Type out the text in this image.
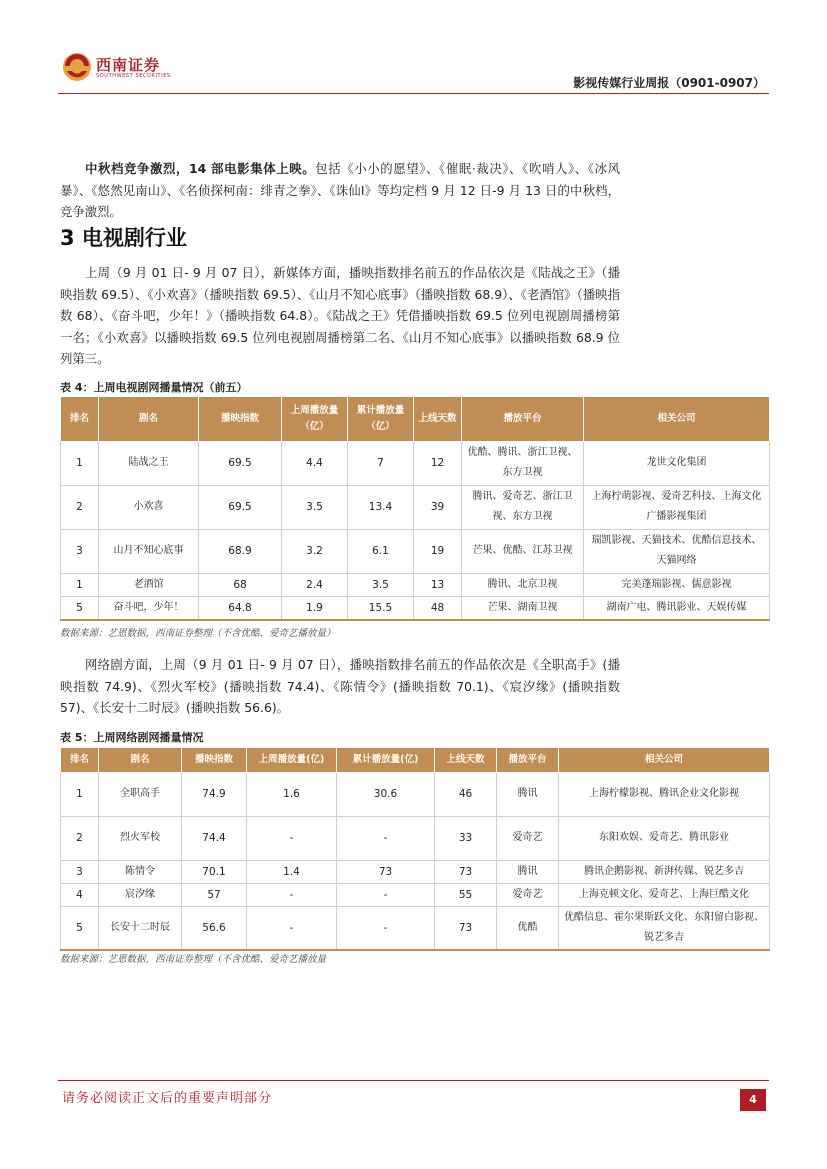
西南证券
SOUTHWEST SECURITIES	影视传媒行业周报（0901-0907）
中秋档竞争激烈，14 部电影集体上映。包括《小小的愿望》、《催眠·裁决》、《吹哨人》、《冰风暴》、《悠然见南山》、《名侦探柯南：绯青之拳》、《诛仙Ⅰ》等均定档 9 月 12 日-9 月 13 日的中秋档，竞争激烈。
3 电视剧行业
上周（9 月 01 日- 9 月 07 日），新媒体方面，播映指数排名前五的作品依次是《陆战之王》（播映指数 69.5）、《小欢喜》（播映指数 69.5）、《山月不知心底事》（播映指数 68.9）、《老酒馆》（播映指数 68）、《奋斗吧，少年！》（播映指数 64.8）。《陆战之王》凭借播映指数 69.5 位列电视剧周播榜第一名；《小欢喜》以播映指数 69.5 位列电视剧周播榜第二名、《山月不知心底事》以播映指数 68.9 位列第三。
表 4：上周电视剧网播量情况（前五）
排名	剧名	播映指数	上周播放量（亿）	累计播放量（亿）	上线天数	播放平台	相关公司
1	陆战之王	69.5	4.4	7	12	优酷、腾讯、浙江卫视、东方卫视	龙世文化集团
2	小欢喜	69.5	3.5	13.4	39	腾讯、爱奇艺、浙江卫视、东方卫视	上海柠萌影视、爱奇艺科技、上海文化广播影视集团
3	山月不知心底事	68.9	3.2	6.1	19	芒果、优酷、江苏卫视	瑞凯影视、天猫技术、优酷信息技术、天猫网络
1	老酒馆	68	2.4	3.5	13	腾讯、北京卫视	完美蓬瑞影视、儒意影视
5	奋斗吧，少年！	64.8	1.9	15.5	48	芒果、湖南卫视	湖南广电、腾讯影业、天娱传媒
数据来源：艺恩数据，西南证券整理（不含优酷、爱奇艺播放量）
网络剧方面，上周（9 月 01 日- 9 月 07 日），播映指数排名前五的作品依次是《全职高手》(播映指数 74.9)、《烈火军校》(播映指数 74.4)、《陈情令》(播映指数 70.1)、《宸汐缘》(播映指数 57)、《长安十二时辰》(播映指数 56.6)。
表 5：上周网络剧网播量情况
排名	剧名	播映指数	上周播放量(亿)	累计播放量(亿)	上线天数	播放平台	相关公司
1	全职高手	74.9	1.6	30.6	46	腾讯	上海柠檬影视、腾讯企业文化影视
2	烈火军校	74.4	-	-	33	爱奇艺	东阳欢娱、爱奇艺、腾讯影业
3	陈情令	70.1	1.4	73	73	腾讯	腾讯企鹅影视、新湃传媒、锐艺多吉
4	宸汐缘	57	-	-	55	爱奇艺	上海克顿文化、爱奇艺、上海巨酷文化
5	长安十二时辰	56.6	-	-	73	优酷	优酷信息、霍尔果斯跃文化、东阳留白影视、锐艺多吉
数据来源：艺恩数据，西南证券整理（不含优酷、爱奇艺播放量
请务必阅读正文后的重要声明部分	4
